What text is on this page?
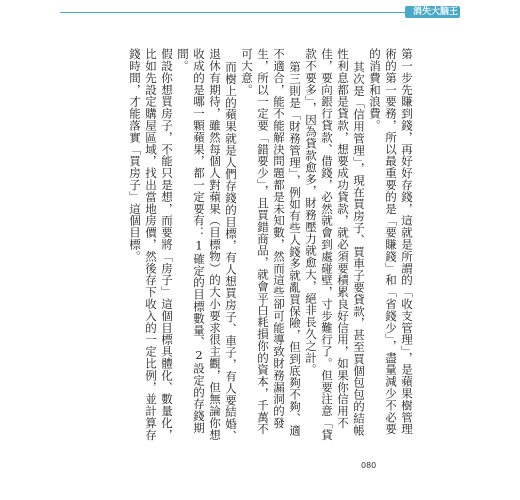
消失大脑王2

第一步先賺到錢，再好好存錢，這就是所謂的「收支管理」，是蘋果樹管理術的第一要務，所以最重要的是「要賺錢」和「省錢少」，盡量減少不必要的消費和浪費。

其次是「信用管理」，現在買房子、買車子要貸款，甚至買個包包的結帳性利息都是貸款，想要成功貸款，就必須要積累良好信用，如果你信用不佳，要向銀行貸款、借錢，必然就會到處碰壁，寸步難行了。但要注意「貸款不要多」，因為貸款愈多，財務壓力就愈大，絕非長久之計。

第三則是「財務管理」，例如有些人錢多就亂買保險，但到底夠不夠、適不適合，能不能解決問題都是未知數，然而這些卻可能導致財務漏洞的發生，所以一定要「錯要少」，且買錯商品，就會平白耗損你的資本，千萬不可大意。

而樹上的蘋果就是人們存錢的目標，有人想買房子、車子，有人要結婚、退休有期待，雖然每個人對蘋果（目標物）的大小要求很主觀，但無論你想收成的是哪一顆蘋果，都一定要有：1確定的目標數量、2設定的存錢期間。

假設你想買房子，不能只是想，而要將「房子」這個目標具體化、數量化，比如先設定購屋區域，找出當地房價，然後存下收入的一定比例，並計算存錢時間，才能落實「買房子」這個目標。

080
